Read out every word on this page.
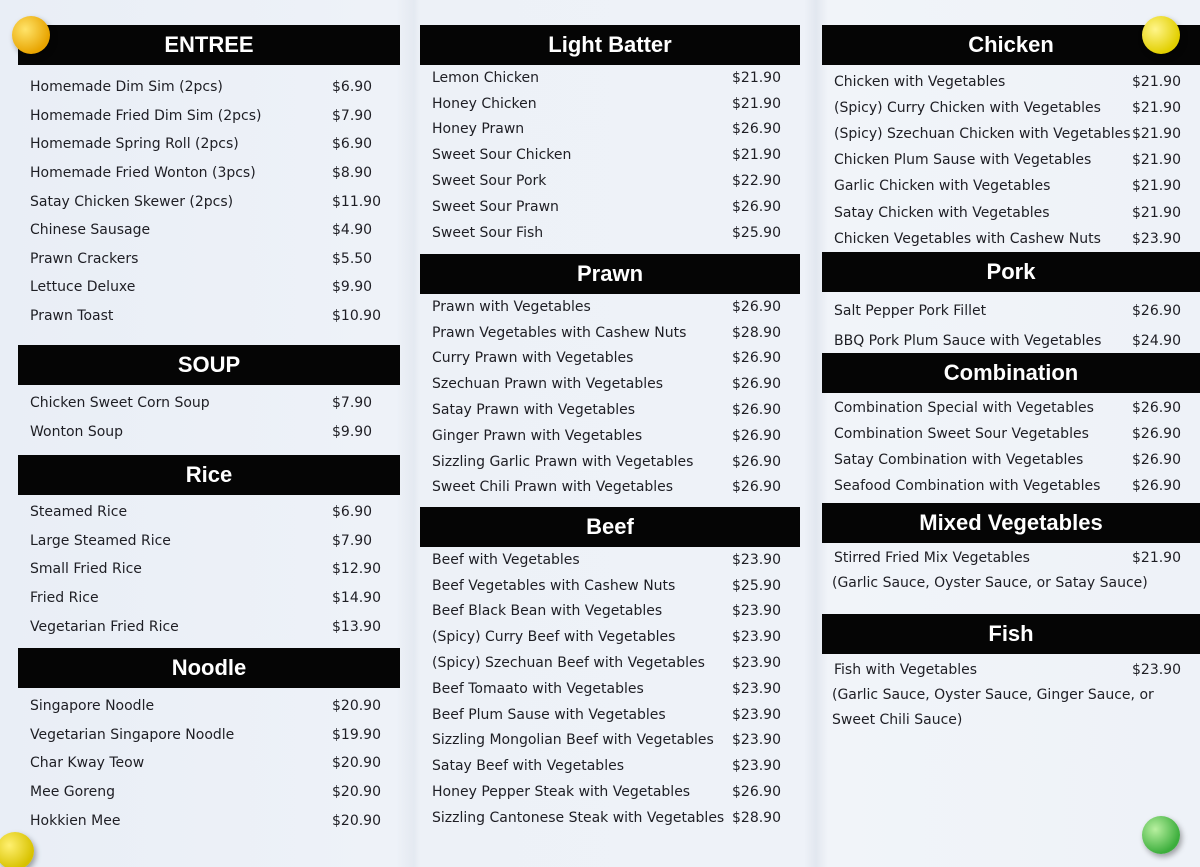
ENTREE
Homemade Dim Sim (2pcs)	$6.90
Homemade Fried Dim Sim (2pcs)	$7.90
Homemade Spring Roll (2pcs)	$6.90
Homemade Fried Wonton (3pcs)	$8.90
Satay Chicken Skewer (2pcs)	$11.90
Chinese Sausage	$4.90
Prawn Crackers	$5.50
Lettuce Deluxe	$9.90
Prawn Toast	$10.90
SOUP
Chicken Sweet Corn Soup	$7.90
Wonton Soup	$9.90
Rice
Steamed Rice	$6.90
Large Steamed Rice	$7.90
Small Fried Rice	$12.90
Fried Rice	$14.90
Vegetarian Fried Rice	$13.90
Noodle
Singapore Noodle	$20.90
Vegetarian Singapore Noodle	$19.90
Char Kway Teow	$20.90
Mee Goreng	$20.90
Hokkien Mee	$20.90
Light Batter
Lemon Chicken	$21.90
Honey Chicken	$21.90
Honey Prawn	$26.90
Sweet Sour Chicken	$21.90
Sweet Sour Pork	$22.90
Sweet Sour Prawn	$26.90
Sweet Sour Fish	$25.90
Prawn
Prawn with Vegetables	$26.90
Prawn Vegetables with Cashew Nuts	$28.90
Curry Prawn with Vegetables	$26.90
Szechuan Prawn with Vegetables	$26.90
Satay Prawn with Vegetables	$26.90
Ginger Prawn with Vegetables	$26.90
Sizzling Garlic Prawn with Vegetables	$26.90
Sweet Chili Prawn with Vegetables	$26.90
Beef
Beef with Vegetables	$23.90
Beef Vegetables with Cashew Nuts	$25.90
Beef Black Bean with Vegetables	$23.90
(Spicy) Curry Beef with Vegetables	$23.90
(Spicy) Szechuan Beef with Vegetables $23.90
Beef Tomaato with Vegetables	$23.90
Beef Plum Sause with Vegetables	$23.90
Sizzling Mongolian Beef with Vegetables $23.90
Satay Beef with Vegetables	$23.90
Honey Pepper Steak with Vegetables	$26.90
Sizzling Cantonese Steak with Vegetables $28.90
Chicken
Chicken with Vegetables	$21.90
(Spicy) Curry Chicken with Vegetables $21.90
(Spicy) Szechuan Chicken with Vegetables $21.90
Chicken Plum Sause with Vegetables	$21.90
Garlic Chicken with Vegetables	$21.90
Satay Chicken with Vegetables	$21.90
Chicken Vegetables with Cashew Nuts $23.90
Pork
Salt Pepper Pork Fillet	$26.90
BBQ Pork Plum Sauce with Vegetables $24.90
Combination
Combination Special with Vegetables	$26.90
Combination Sweet Sour Vegetables	$26.90
Satay Combination with Vegetables	$26.90
Seafood Combination with Vegetables $26.90
Mixed Vegetables
Stirred Fried Mix Vegetables	$21.90
(Garlic Sauce, Oyster Sauce, or Satay Sauce)
Fish
Fish with Vegetables	$23.90
(Garlic Sauce, Oyster Sauce, Ginger Sauce, or
Sweet Chili Sauce)
